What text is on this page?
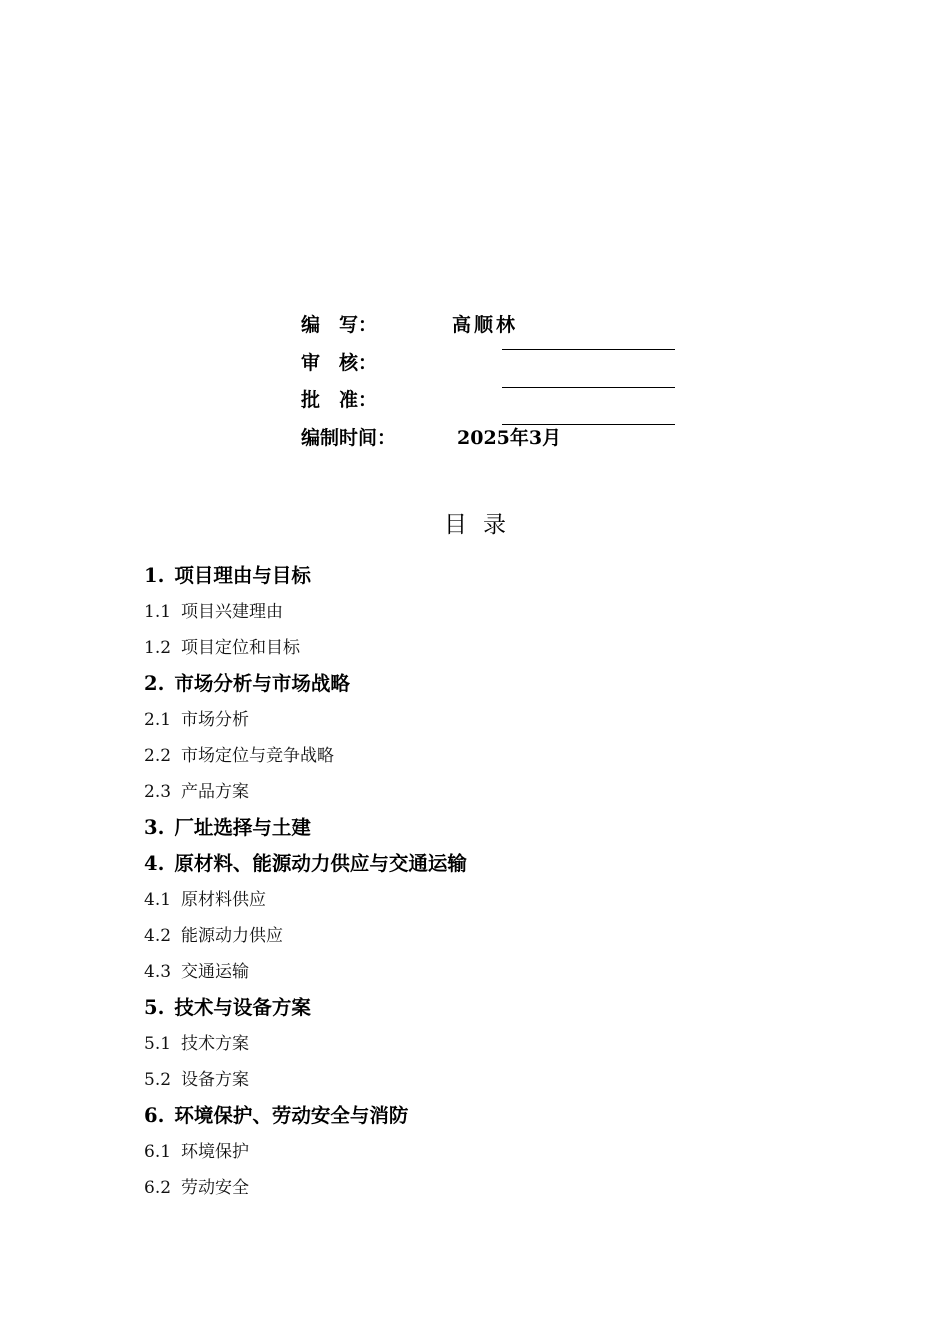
编　写：	高顺林
审　核：
批　准：
编制时间：	2025年3月
目录
1. 项目理由与目标
1.1 项目兴建理由
1.2 项目定位和目标
2. 市场分析与市场战略
2.1 市场分析
2.2 市场定位与竞争战略
2.3 产品方案
3. 厂址选择与土建
4. 原材料、能源动力供应与交通运输
4.1 原材料供应
4.2 能源动力供应
4.3 交通运输
5. 技术与设备方案
5.1 技术方案
5.2 设备方案
6. 环境保护、劳动安全与消防
6.1 环境保护
6.2 劳动安全
